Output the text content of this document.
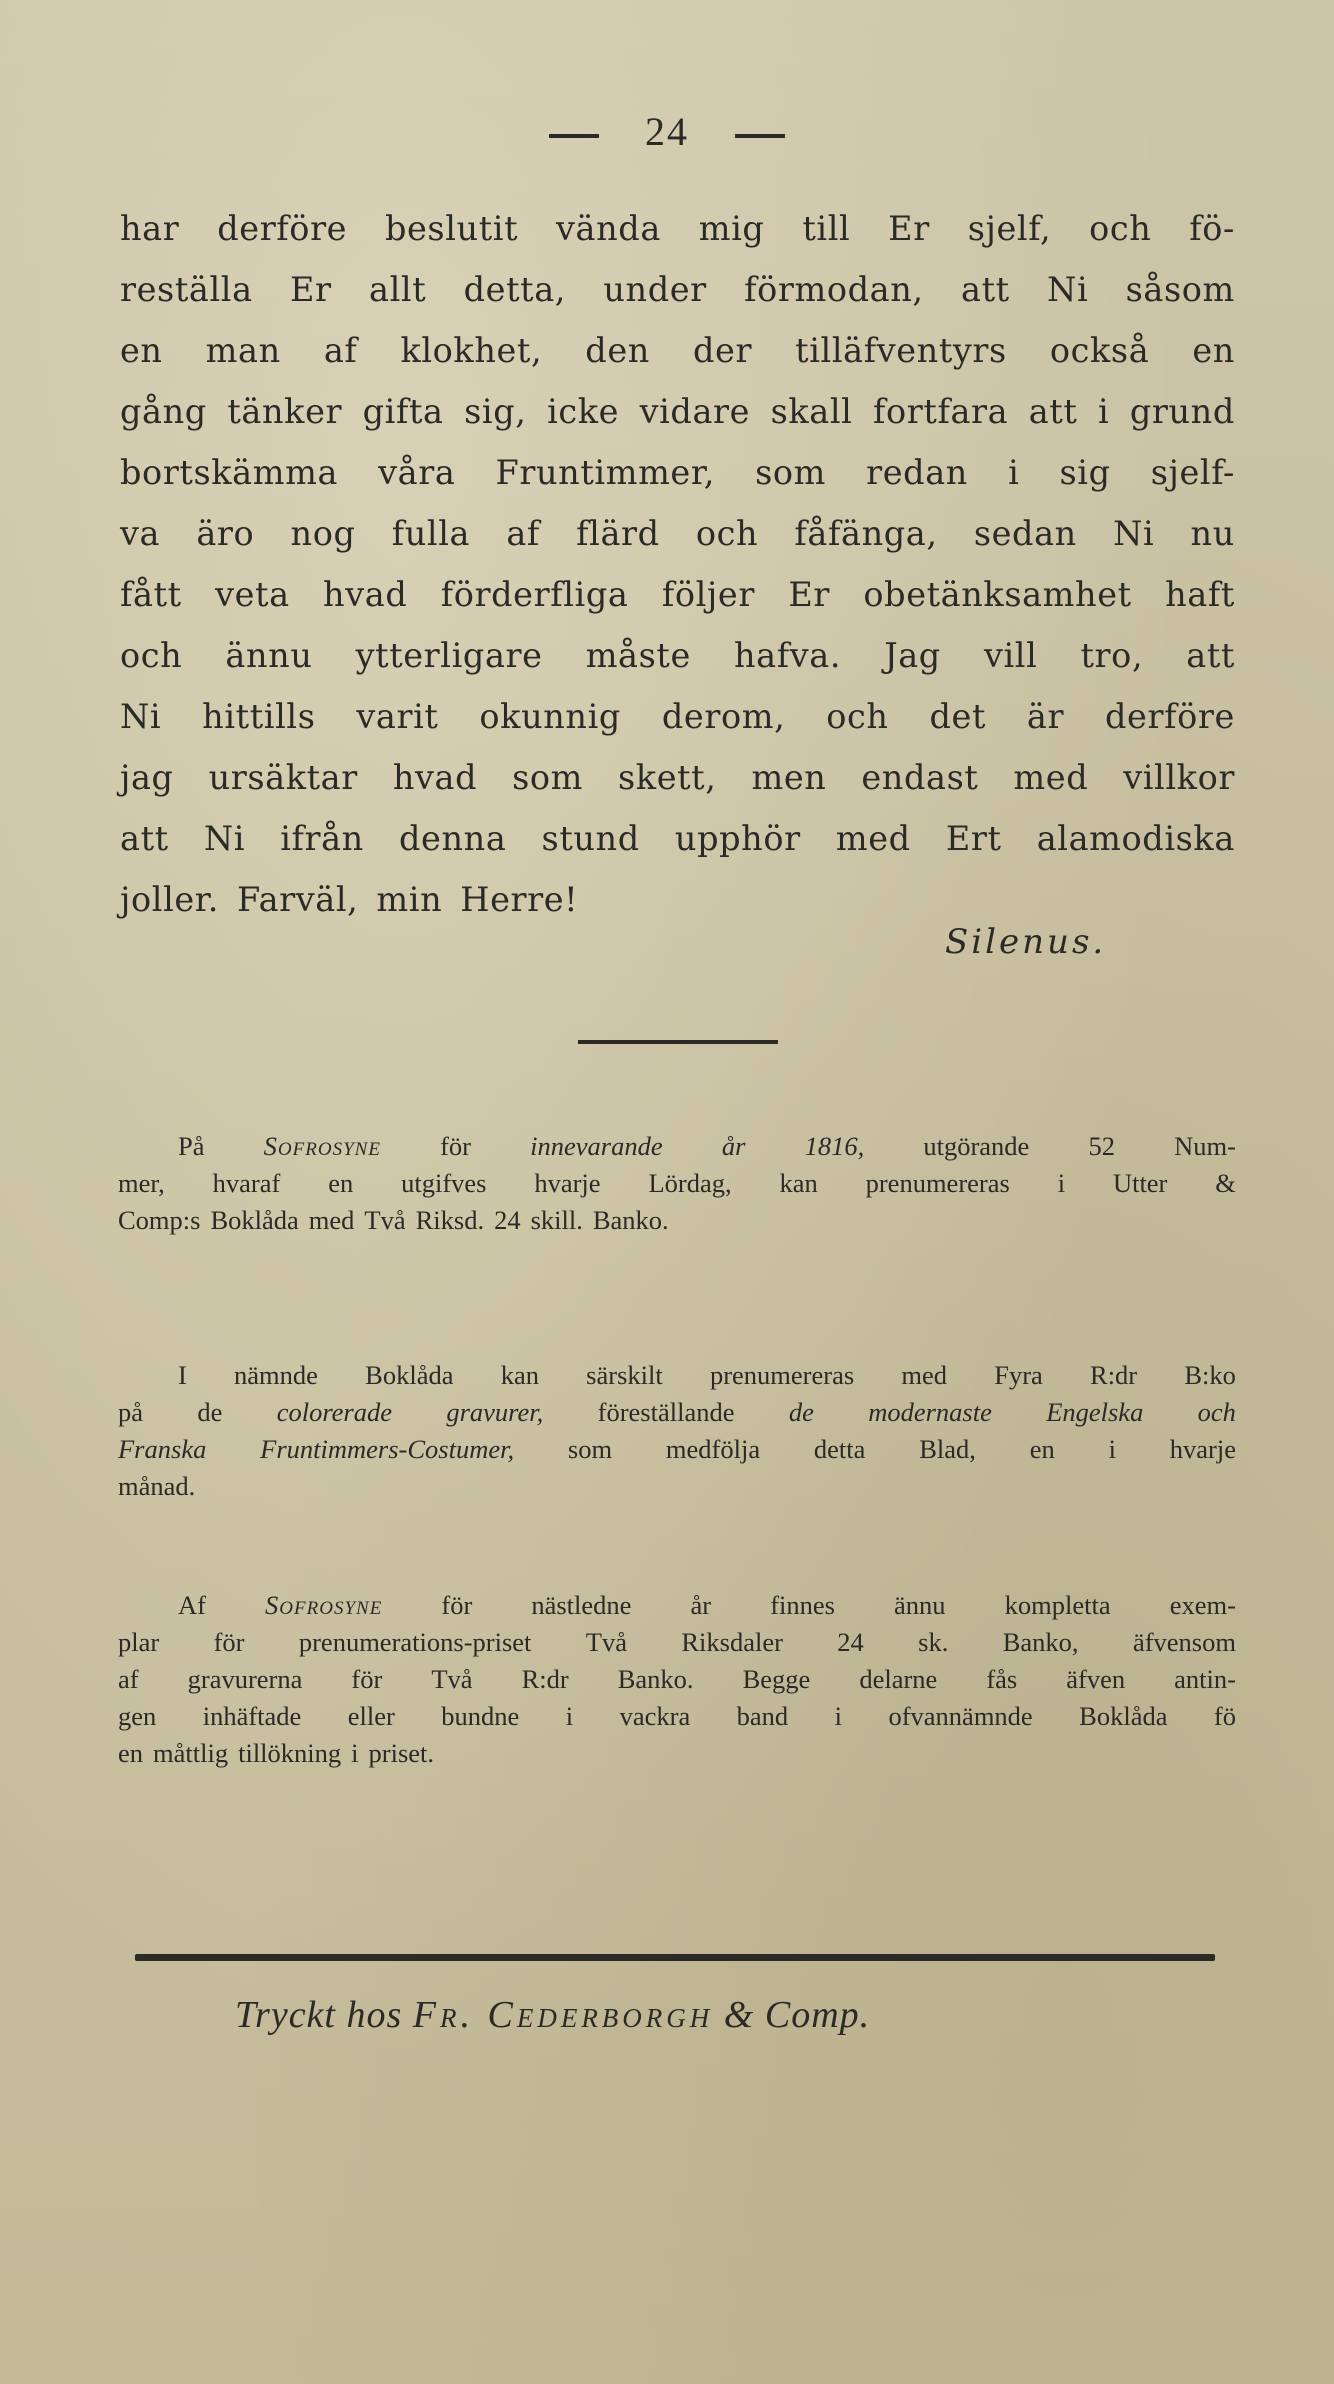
24
har derföre beslutit vända mig till Er sjelf, och fö-
reställa Er allt detta, under förmodan, att Ni såsom
en man af klokhet, den der tilläfventyrs också en
gång tänker gifta sig, icke vidare skall fortfara att i grund
bortskämma våra Fruntimmer, som redan i sig sjelf-
va äro nog fulla af flärd och fåfänga, sedan Ni nu
fått veta hvad förderfliga följer Er obetänksamhet haft
och ännu ytterligare måste hafva. Jag vill tro, att
Ni hittills varit okunnig derom, och det är derföre
jag ursäktar hvad som skett, men endast med villkor
att Ni ifrån denna stund upphör med Ert alamodiska
joller. Farväl, min Herre!
Silenus.
På Sofrosyne för innevarande år 1816, utgörande 52 Num-
mer, hvaraf en utgifves hvarje Lördag, kan prenumereras i Utter &
Comp:s Boklåda med Två Riksd. 24 skill. Banko.
I nämnde Boklåda kan särskilt prenumereras med Fyra R:dr B:ko
på de colorerade gravurer, föreställande de modernaste Engelska och
Franska Fruntimmers-Costumer, som medfölja detta Blad, en i hvarje
månad.
Af Sofrosyne för nästledne år finnes ännu kompletta exem-
plar för prenumerations-priset Två Riksdaler 24 sk. Banko, äfvensom
af gravurerna för Två R:dr Banko. Begge delarne fås äfven antin-
gen inhäftade eller bundne i vackra band i ofvannämnde Boklåda fö
en måttlig tillökning i priset.
Tryckt hos Fr. Cederborgh & Comp.
